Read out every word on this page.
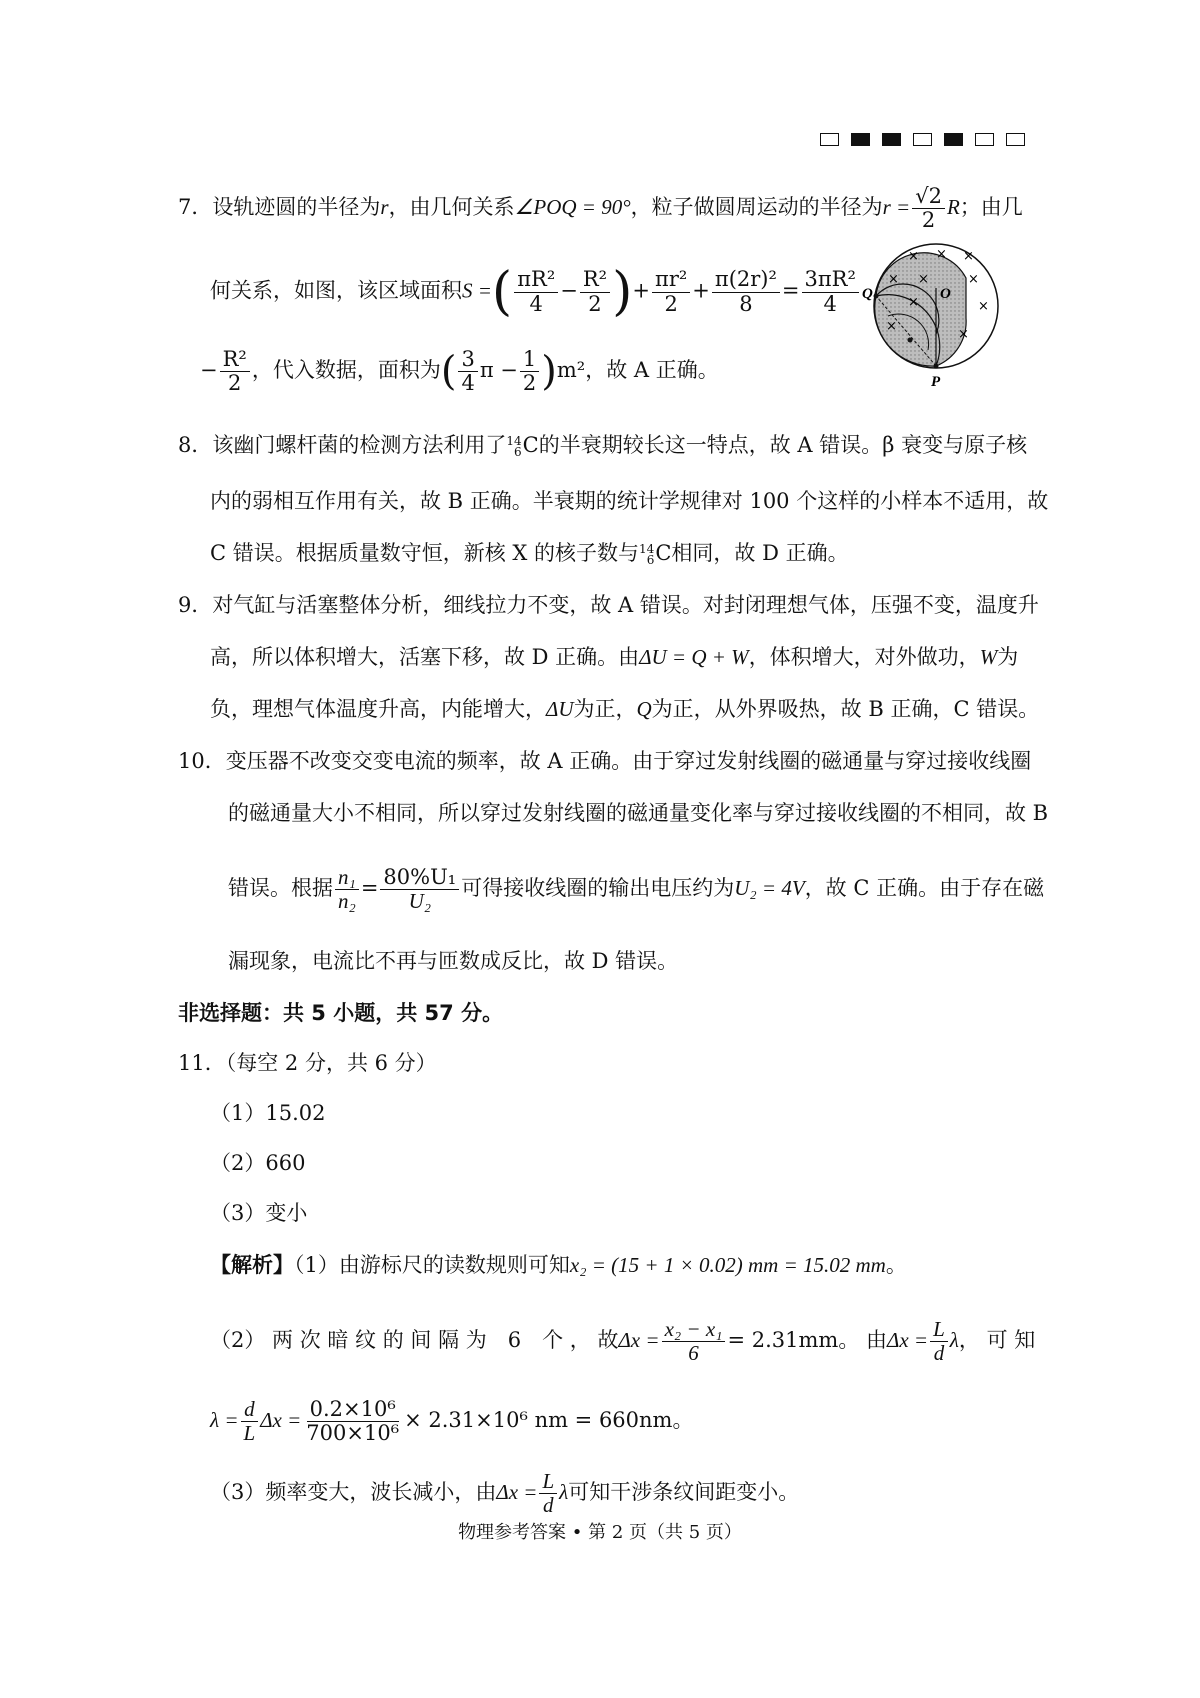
7．设轨迹圆的半径为r，由几何关系∠POQ = 90°，粒子做圆周运动的半径为$r = \frac{√2}{2}$ R；由几
何关系，如图，该区域面积S =( $\frac{\text{πR²}}{4} - \frac{\text{R²}}{2}$ )+ $\frac{\text{πr²}}{2} + \frac{\text{π(2r)²}}{8} = \frac{\text{3πR²}}{4}$
− $\frac{\text{R²}}{2}$ ，代入数据，面积为( $\frac{3}{4}$ $\pi - \frac{1}{2} )m^2$，故 A 正确。
Q	O
P
× × ×
× ×	×
×	×
×
×
8．该幽门螺杆菌的检测方法利用了 14
6 C的半衰期较长这一特点，故 A 错误。β 衰变与原子核
内的弱相互作用有关，故 B 正确。半衰期的统计学规律对 100 个这样的小样本不适用，故
C 错误。根据质量数守恒，新核 X 的核子数与 14
6 C相同，故 D 正确。
9．对气缸与活塞整体分析，细线拉力不变，故 A 错误。对封闭理想气体，压强不变，温度升
高，所以体积增大，活塞下移，故 D 正确。由ΔU = Q + W，体积增大，对外做功，W为
负，理想气体温度升高，内能增大，ΔU为正，Q为正，从外界吸热，故 B 正确，C 错误。
10．变压器不改变交变电流的频率，故 A 正确。由于穿过发射线圈的磁通量与穿过接收线圈
的磁通量大小不相同，所以穿过发射线圈的磁通量变化率与穿过接收线圈的不相同，故 B
错误。根据 $\frac{\text{n₁}}{\text{n₂}} = \frac{\text{80\%U₁}}{\text{U₂}}$ 可得接收线圈的输出电压约为U₂ = 4V，故 C 正确。由于存在磁
漏现象，电流比不再与匝数成反比，故 D 错误。
非选择题：共 5 小题，共 57 分。
11．（每空 2 分，共 6 分）
（1）15.02
（2）660
（3）变小
【解析】（1）由游标尺的读数规则可知x₂ = (15 + 1 × 0.02) mm = 15.02 mm。
（2） 两 次 暗 纹 的 间 隔 为　6　个 ， 故$\Delta x = \frac{\text{x₂ − x₁}}{6} = 2.31mm$。 由$\Delta x = \frac{L}{d}$ λ， 可 知
$\lambda = \frac{d}{L}$ $\Delta x = \frac{\text{0.2×10⁶}}{\text{700×10⁶}} \times 2.31\times 10^6$ nm = 660nm。
（3）频率变大，波长减小，由$\Delta x = \frac{L}{d}$ λ可知干涉条纹间距变小。
物理参考答案 • 第 2 页（共 5 页）
